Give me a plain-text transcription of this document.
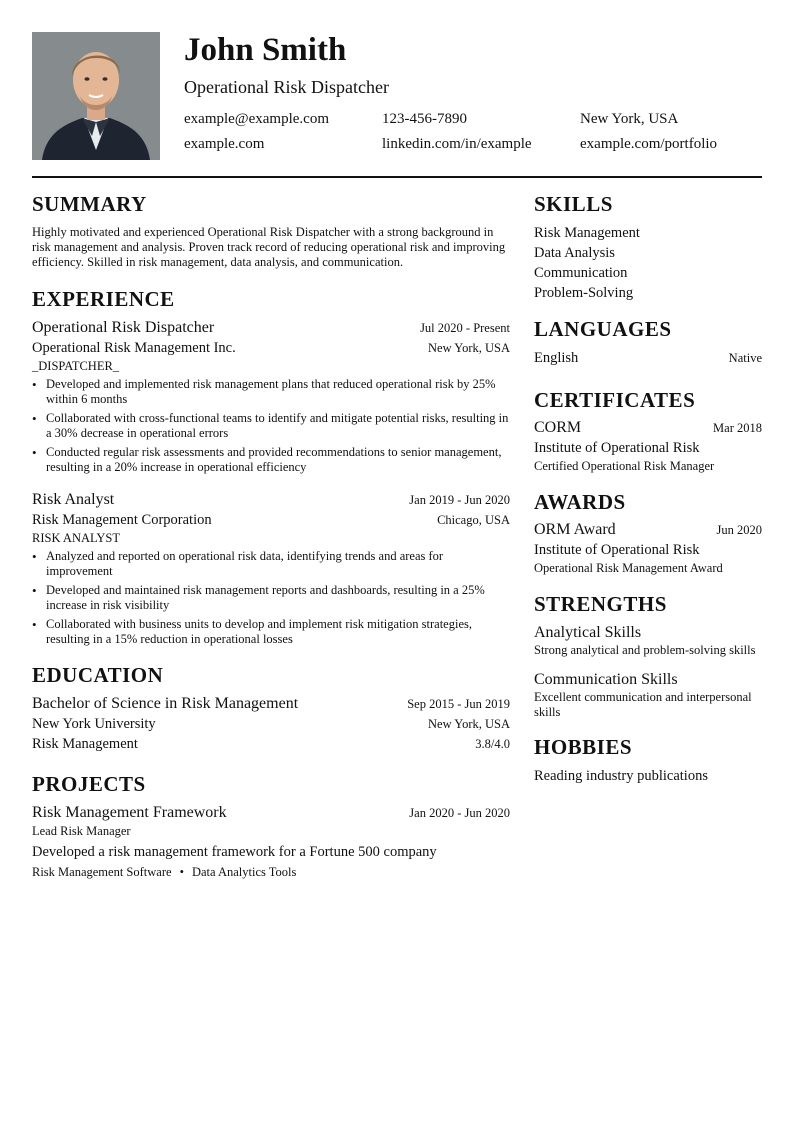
John Smith
Operational Risk Dispatcher
example@example.com	123-456-7890	New York, USA
example.com	linkedin.com/in/example	example.com/portfolio
SUMMARY
Highly motivated and experienced Operational Risk Dispatcher with a strong background in risk management and analysis. Proven track record of reducing operational risk and improving efficiency. Skilled in risk management, data analysis, and communication.
EXPERIENCE
Operational Risk Dispatcher	Jul 2020 - Present
Operational Risk Management Inc.	New York, USA
_DISPATCHER_
• Developed and implemented risk management plans that reduced operational risk by 25% within 6 months
• Collaborated with cross-functional teams to identify and mitigate potential risks, resulting in a 30% decrease in operational errors
• Conducted regular risk assessments and provided recommendations to senior management, resulting in a 20% increase in operational efficiency
Risk Analyst	Jan 2019 - Jun 2020
Risk Management Corporation	Chicago, USA
RISK ANALYST
• Analyzed and reported on operational risk data, identifying trends and areas for improvement
• Developed and maintained risk management reports and dashboards, resulting in a 25% increase in risk visibility
• Collaborated with business units to develop and implement risk mitigation strategies, resulting in a 15% reduction in operational losses
EDUCATION
Bachelor of Science in Risk Management	Sep 2015 - Jun 2019
New York University	New York, USA
Risk Management	3.8/4.0
PROJECTS
Risk Management Framework	Jan 2020 - Jun 2020
Lead Risk Manager
Developed a risk management framework for a Fortune 500 company
Risk Management Software • Data Analytics Tools
SKILLS
Risk Management
Data Analysis
Communication
Problem-Solving
LANGUAGES
English	Native
CERTIFICATES
CORM	Mar 2018
Institute of Operational Risk
Certified Operational Risk Manager
AWARDS
ORM Award	Jun 2020
Institute of Operational Risk
Operational Risk Management Award
STRENGTHS
Analytical Skills
Strong analytical and problem-solving skills
Communication Skills
Excellent communication and interpersonal skills
HOBBIES
Reading industry publications
